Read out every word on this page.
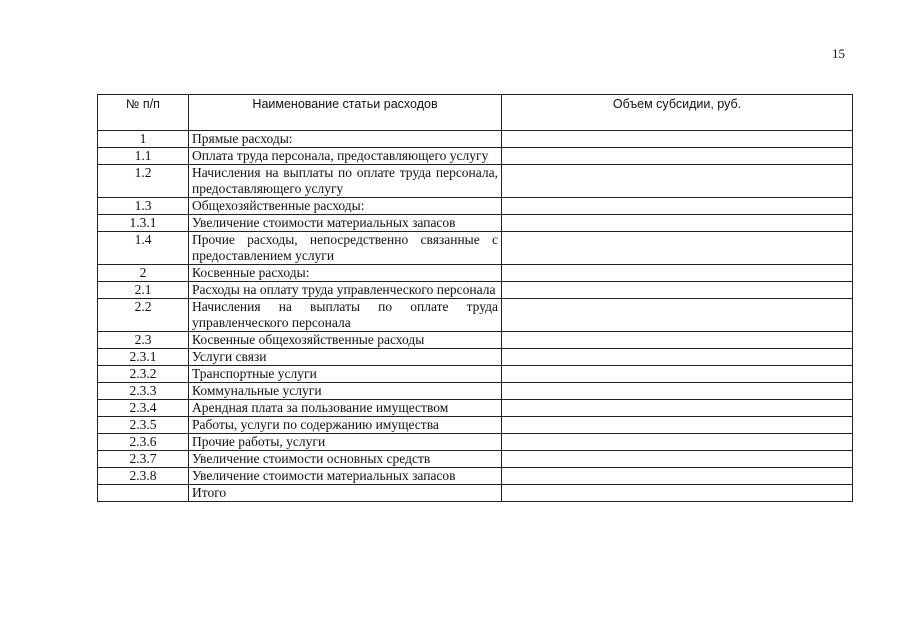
15
№ п/п	Наименование статьи расходов	Объем субсидии, руб.
1	Прямые расходы:	
1.1	Оплата труда персонала, предоставляющего услугу	
1.2	Начисления на выплаты по оплате труда персонала, предоставляющего услугу	
1.3	Общехозяйственные расходы:	
1.3.1	Увеличение стоимости материальных запасов	
1.4	Прочие расходы, непосредственно связанные с предоставлением услуги	
2	Косвенные расходы:	
2.1	Расходы на оплату труда управленческого персонала	
2.2	Начисления на выплаты по оплате труда управленческого персонала	
2.3	Косвенные общехозяйственные расходы	
2.3.1	Услуги связи	
2.3.2	Транспортные услуги	
2.3.3	Коммунальные услуги	
2.3.4	Арендная плата за пользование имуществом	
2.3.5	Работы, услуги по содержанию имущества	
2.3.6	Прочие работы, услуги	
2.3.7	Увеличение стоимости основных средств	
2.3.8	Увеличение стоимости материальных запасов	
	Итого	
